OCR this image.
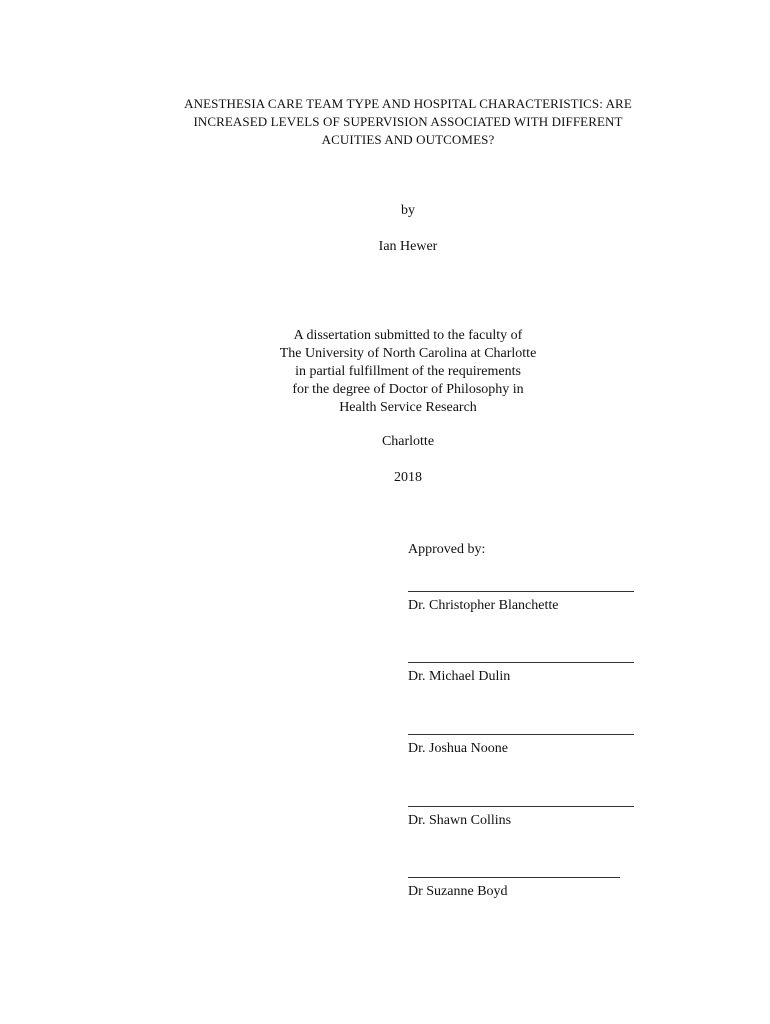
ANESTHESIA CARE TEAM TYPE AND HOSPITAL CHARACTERISTICS: ARE
INCREASED LEVELS OF SUPERVISION ASSOCIATED WITH DIFFERENT
ACUITIES AND OUTCOMES?
by
Ian Hewer
A dissertation submitted to the faculty of
The University of North Carolina at Charlotte
in partial fulfillment of the requirements
for the degree of Doctor of Philosophy in
Health Service Research
Charlotte
2018
Approved by:
Dr. Christopher Blanchette
Dr. Michael Dulin
Dr. Joshua Noone
Dr. Shawn Collins
Dr Suzanne Boyd
